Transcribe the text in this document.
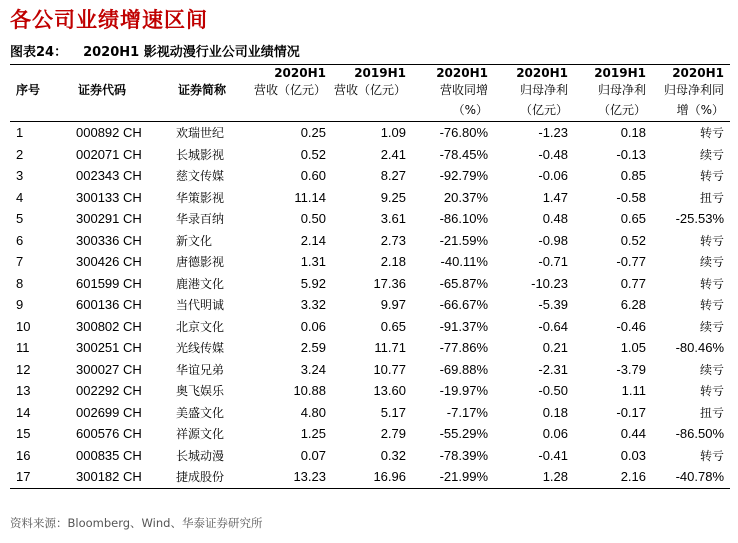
各公司业绩增速区间
图表24： 2020H1 影视动漫行业公司业绩情况
			2020H1	2019H1	2020H1	2020H1	2019H1	2020H1
序号	证券代码	证券简称	营收（亿元）	营收（亿元）	营收同增	归母净利	归母净利	归母净利同
					（%）	（亿元）	（亿元）	增（%）
1	000892 CH	欢瑞世纪	0.25	1.09	-76.80%	-1.23	0.18	转亏
2	002071 CH	长城影视	0.52	2.41	-78.45%	-0.48	-0.13	续亏
3	002343 CH	慈文传媒	0.60	8.27	-92.79%	-0.06	0.85	转亏
4	300133 CH	华策影视	11.14	9.25	20.37%	1.47	-0.58	扭亏
5	300291 CH	华录百纳	0.50	3.61	-86.10%	0.48	0.65	-25.53%
6	300336 CH	新文化	2.14	2.73	-21.59%	-0.98	0.52	转亏
7	300426 CH	唐德影视	1.31	2.18	-40.11%	-0.71	-0.77	续亏
8	601599 CH	鹿港文化	5.92	17.36	-65.87%	-10.23	0.77	转亏
9	600136 CH	当代明诚	3.32	9.97	-66.67%	-5.39	6.28	转亏
10	300802 CH	北京文化	0.06	0.65	-91.37%	-0.64	-0.46	续亏
11	300251 CH	光线传媒	2.59	11.71	-77.86%	0.21	1.05	-80.46%
12	300027 CH	华谊兄弟	3.24	10.77	-69.88%	-2.31	-3.79	续亏
13	002292 CH	奥飞娱乐	10.88	13.60	-19.97%	-0.50	1.11	转亏
14	002699 CH	美盛文化	4.80	5.17	-7.17%	0.18	-0.17	扭亏
15	600576 CH	祥源文化	1.25	2.79	-55.29%	0.06	0.44	-86.50%
16	000835 CH	长城动漫	0.07	0.32	-78.39%	-0.41	0.03	转亏
17	300182 CH	捷成股份	13.23	16.96	-21.99%	1.28	2.16	-40.78%
资料来源：Bloomberg、Wind、华泰证券研究所
